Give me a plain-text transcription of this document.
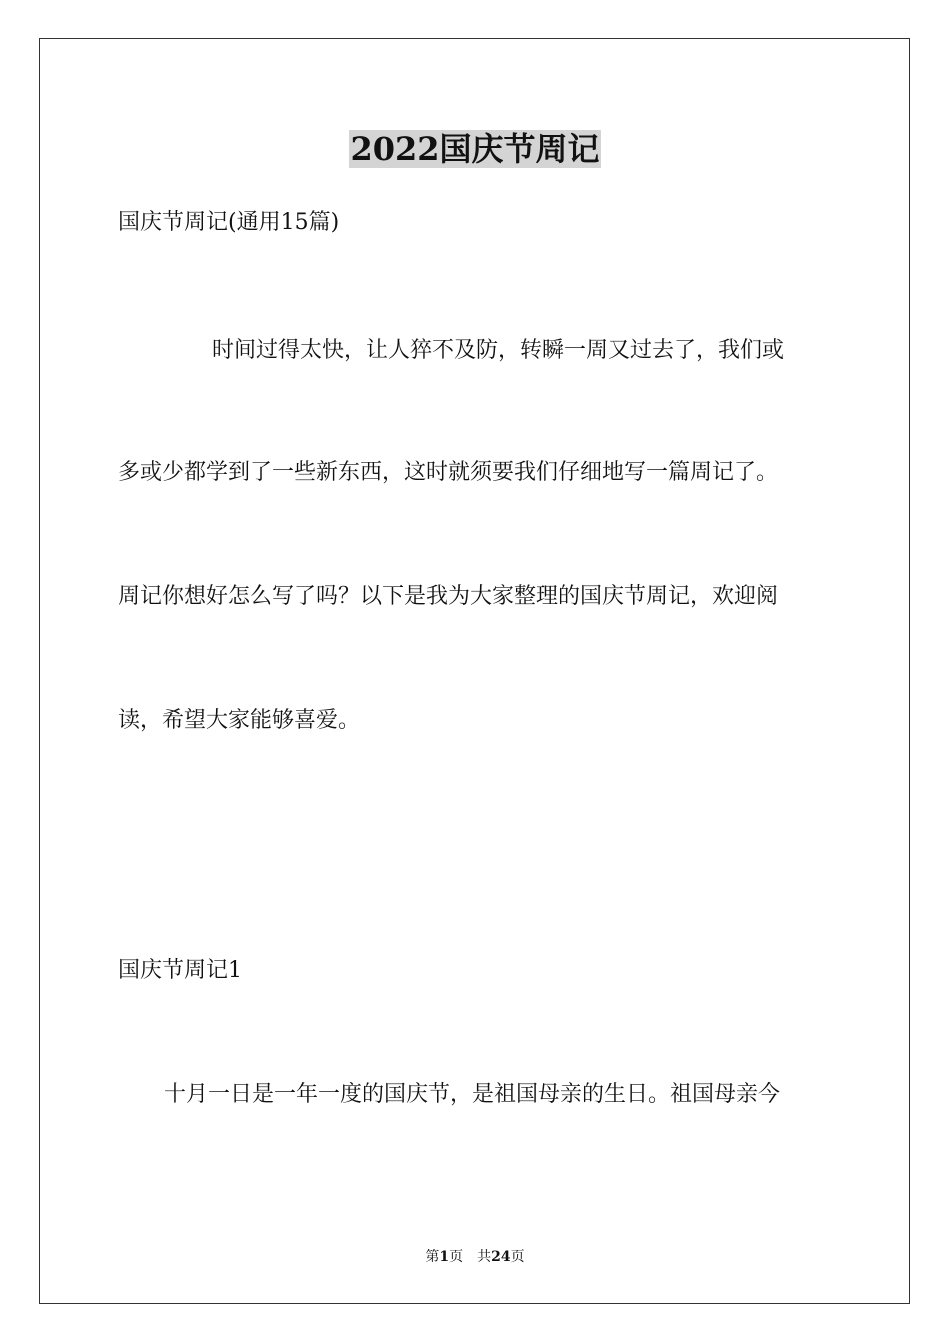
2022国庆节周记
国庆节周记(通用15篇)
时间过得太快，让人猝不及防，转瞬一周又过去了，我们或
多或少都学到了一些新东西，这时就须要我们仔细地写一篇周记了。
周记你想好怎么写了吗？以下是我为大家整理的国庆节周记，欢迎阅
读，希望大家能够喜爱。
国庆节周记1
十月一日是一年一度的国庆节，是祖国母亲的生日。祖国母亲今
第1页 共24页
